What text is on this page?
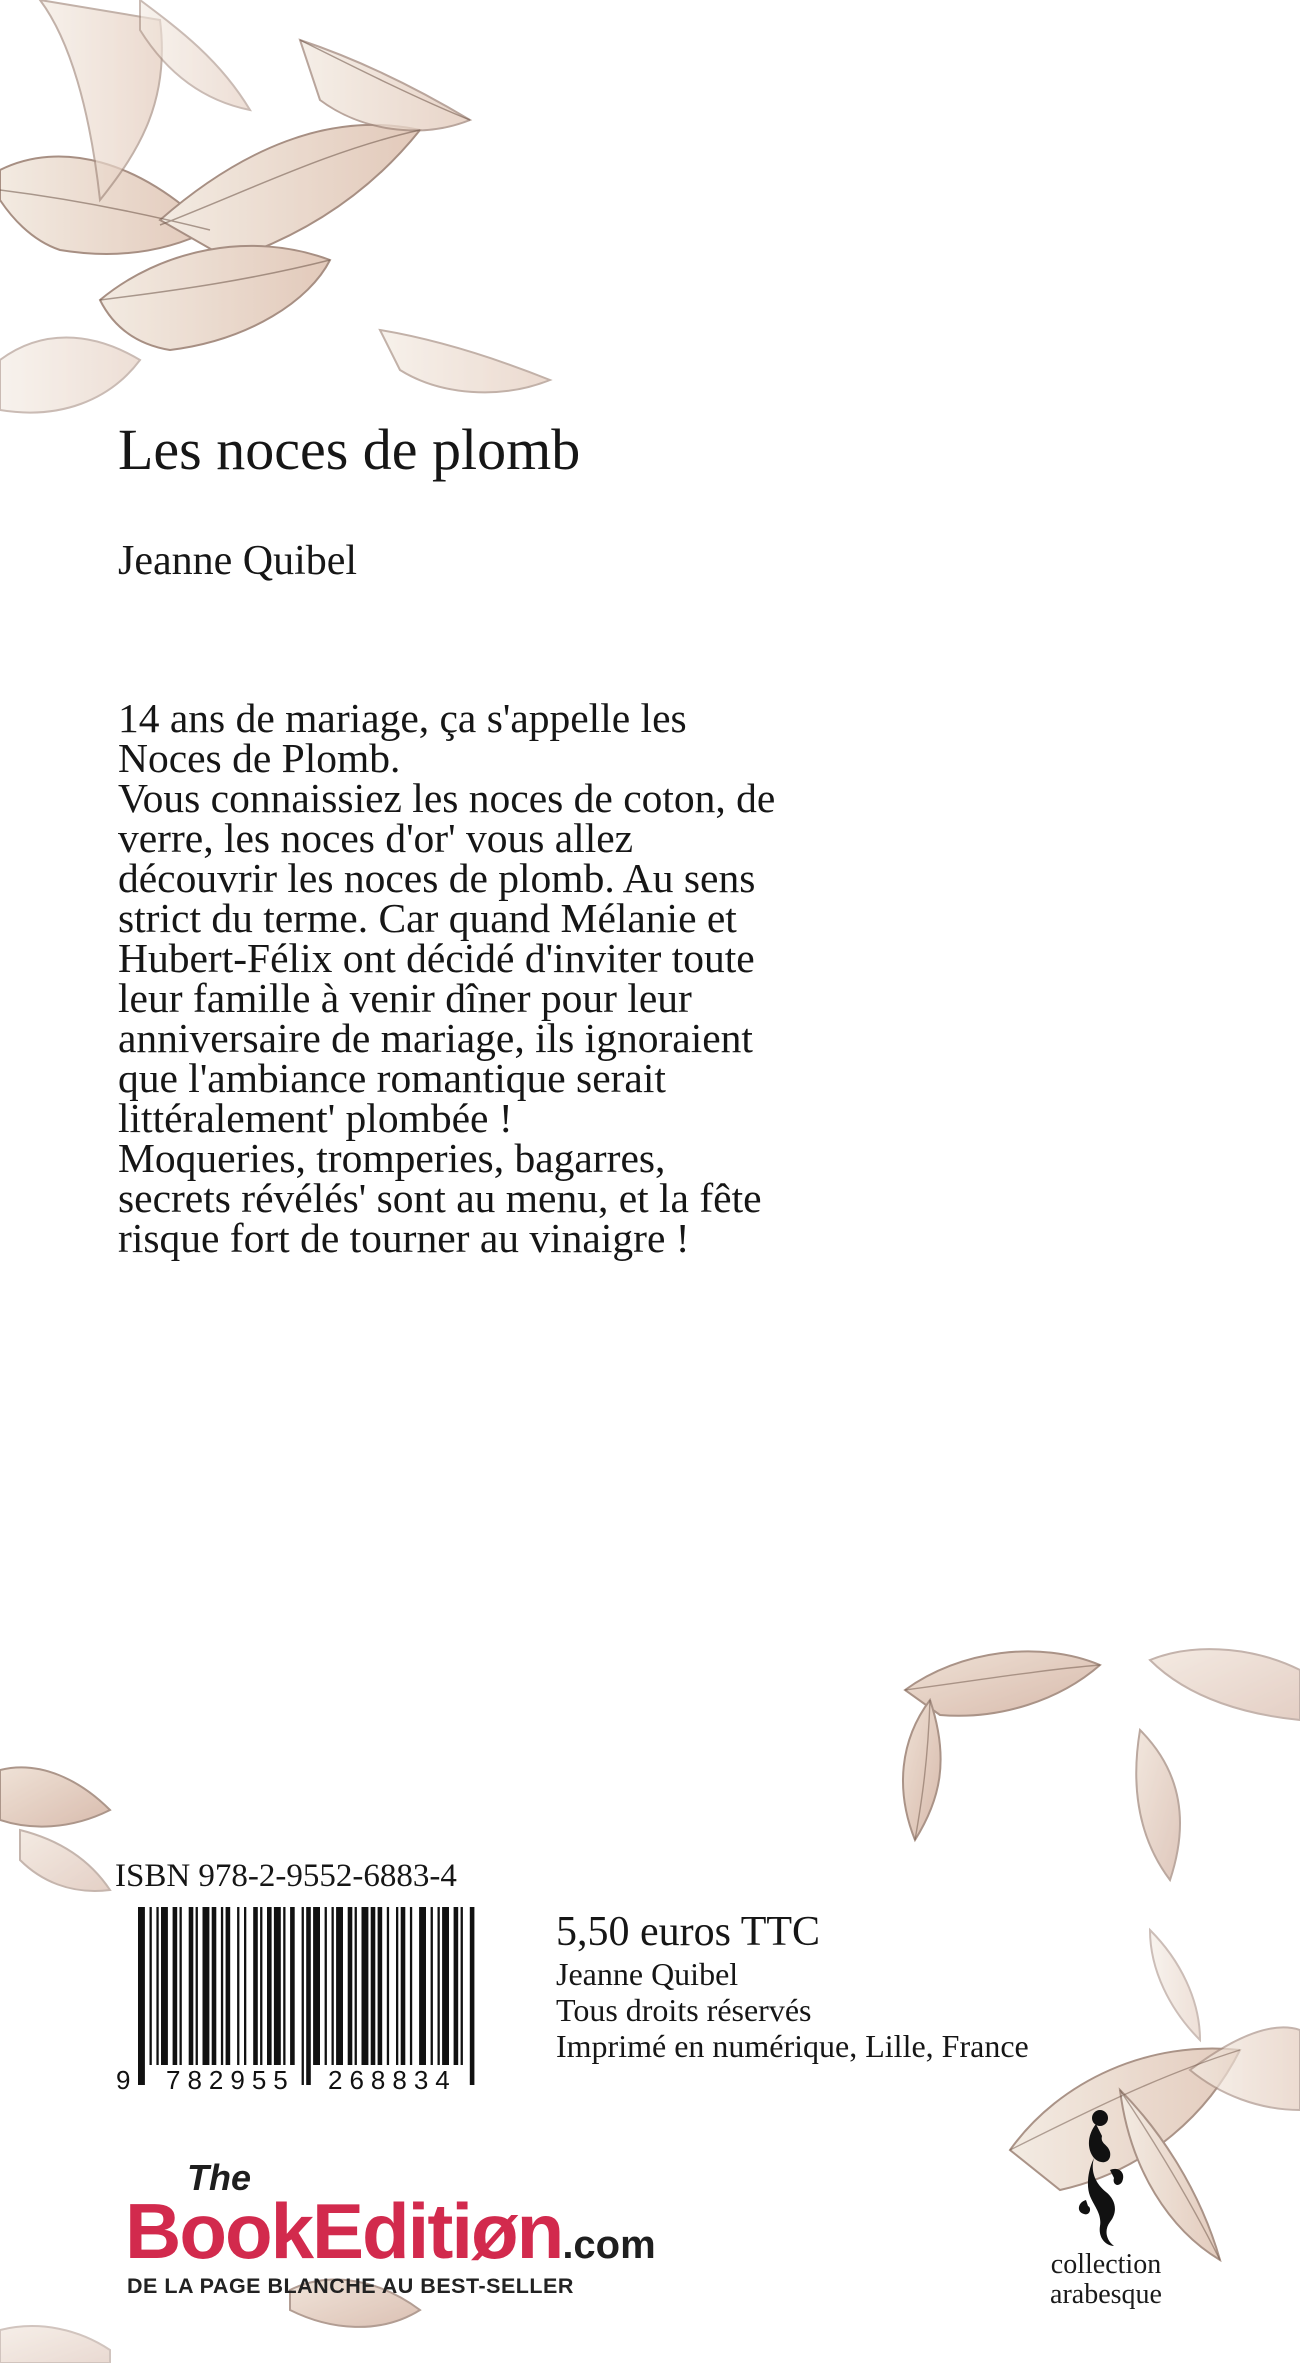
Les noces de plomb
Jeanne Quibel

14 ans de mariage, ça s'appelle les

Noces de Plomb.

Vous connaissiez les noces de coton, de

verre, les noces d'or' vous allez

découvrir les noces de plomb. Au sens

strict du terme. Car quand Mélanie et

Hubert-Félix ont décidé d'inviter toute

leur famille à venir dîner pour leur

anniversaire de mariage, ils ignoraient

que l'ambiance romantique serait

littéralement' plombée !

Moqueries, tromperies, bagarres,

secrets révélés' sont au menu, et la fête

risque fort de tourner au vinaigre !

ISBN 978-2-9552-6883-4
9 782955 268834
5,50 euros TTC
Jeanne Quibel
Tous droits réservés
Imprimé en numérique, Lille, France
The
BookEditiøn.com
DE LA PAGE BLANCHE AU BEST-SELLER
collection
arabesque
